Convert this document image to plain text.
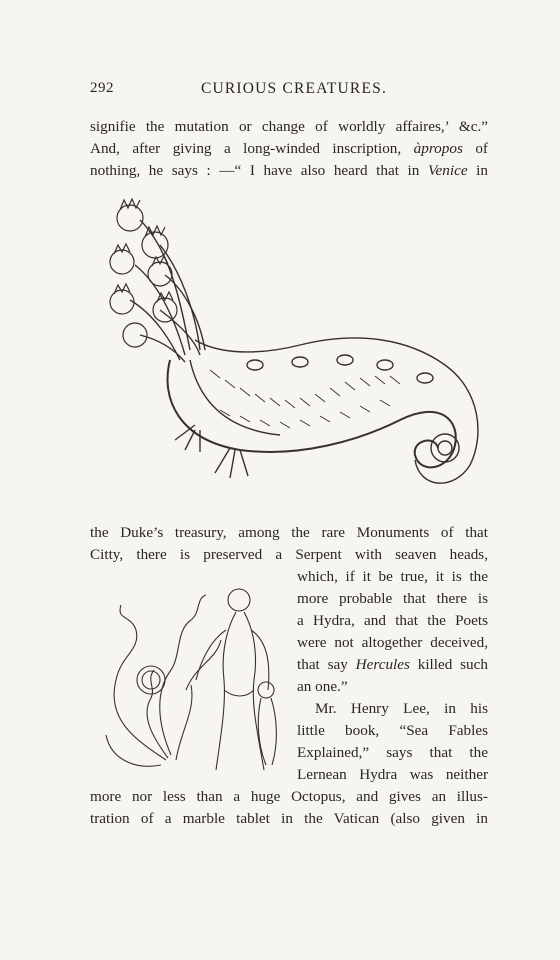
292	CURIOUS CREATURES.
signifie the mutation or change of worldly affaires,’ &c.”
And, after giving a long-winded inscription, àpropos of
nothing, he says : —“ I have also heard that in Venice in
the Duke’s treasury, among the rare Monuments of that
Citty, there is preserved a Serpent with seaven heads,
which, if it be true, it is the
more probable that there is
a Hydra, and that the Poets
were not altogether deceived,
that say Hercules killed such
an one.”
Mr. Henry Lee, in his
little book, “Sea Fables
Explained,” says that the
Lernean Hydra was neither
more nor less than a huge Octopus, and gives an illus-
tration of a marble tablet in the Vatican (also given in
